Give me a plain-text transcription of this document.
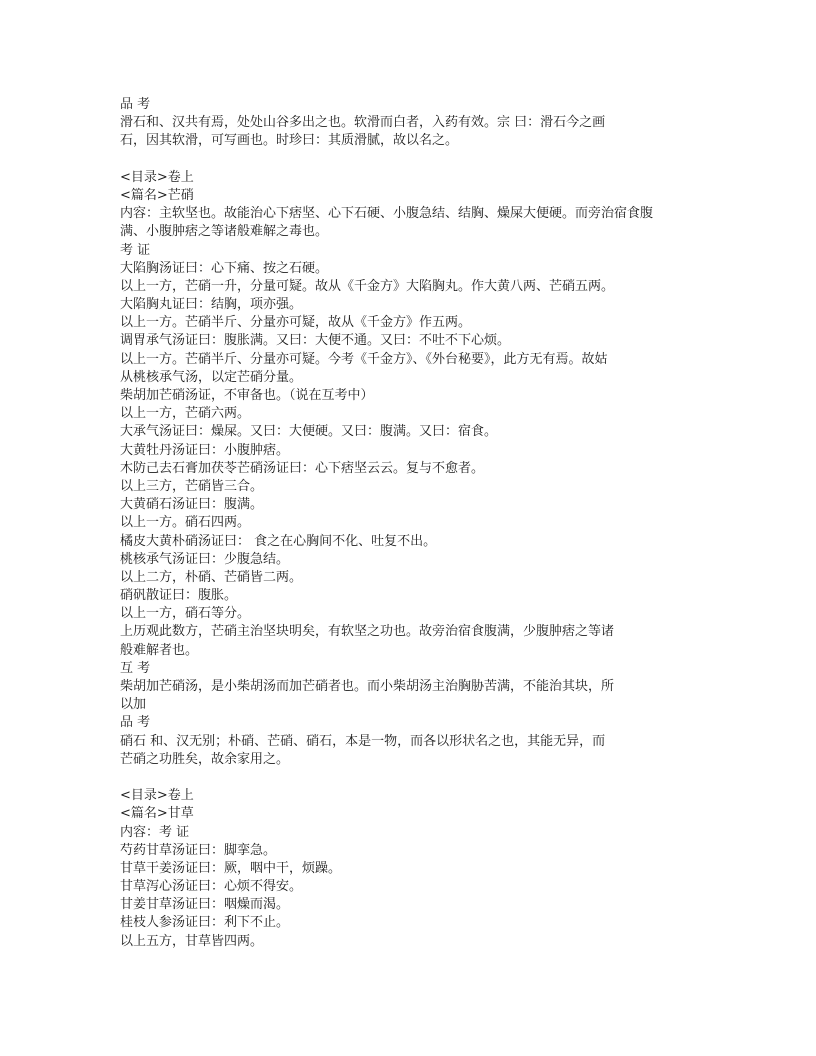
品 考
滑石和、汉共有焉，处处山谷多出之也。软滑而白者，入药有效。宗 曰：滑石今之画
石，因其软滑，可写画也。时珍曰：其质滑腻，故以名之。
<目录>卷上
<篇名>芒硝
内容：主软坚也。故能治心下痞坚、心下石硬、小腹急结、结胸、燥屎大便硬。而旁治宿食腹
满、小腹肿痞之等诸般难解之毒也。
考 证
大陷胸汤证曰：心下痛、按之石硬。
以上一方，芒硝一升，分量可疑。故从《千金方》大陷胸丸。作大黄八两、芒硝五两。
大陷胸丸证曰：结胸，项亦强。
以上一方。芒硝半斤、分量亦可疑，故从《千金方》作五两。
调胃承气汤证曰：腹胀满。又曰：大便不通。又曰：不吐不下心烦。
以上一方。芒硝半斤、分量亦可疑。今考《千金方》、《外台秘要》，此方无有焉。故姑
从桃核承气汤，以定芒硝分量。
柴胡加芒硝汤证，不审备也。（说在互考中）
以上一方，芒硝六两。
大承气汤证曰：燥屎。又曰：大便硬。又曰：腹满。又曰：宿食。
大黄牡丹汤证曰：小腹肿痞。
木防己去石膏加茯苓芒硝汤证曰：心下痞坚云云。复与不愈者。
以上三方，芒硝皆三合。
大黄硝石汤证曰：腹满。
以上一方。硝石四两。
橘皮大黄朴硝汤证曰： 食之在心胸间不化、吐复不出。
桃核承气汤证曰：少腹急结。
以上二方，朴硝、芒硝皆二两。
硝矾散证曰：腹胀。
以上一方，硝石等分。
上历观此数方，芒硝主治坚块明矣，有软坚之功也。故旁治宿食腹满，少腹肿痞之等诸
般难解者也。
互 考
柴胡加芒硝汤，是小柴胡汤而加芒硝者也。而小柴胡汤主治胸胁苦满，不能治其块，所
以加
品 考
硝石 和、汉无别；朴硝、芒硝、硝石，本是一物，而各以形状名之也，其能无异，而
芒硝之功胜矣，故余家用之。
<目录>卷上
<篇名>甘草
内容：考 证
芍药甘草汤证曰：脚挛急。
甘草干姜汤证曰：厥，咽中干，烦躁。
甘草泻心汤证曰：心烦不得安。
甘姜甘草汤证曰：咽燥而渴。
桂枝人参汤证曰：利下不止。
以上五方，甘草皆四两。
